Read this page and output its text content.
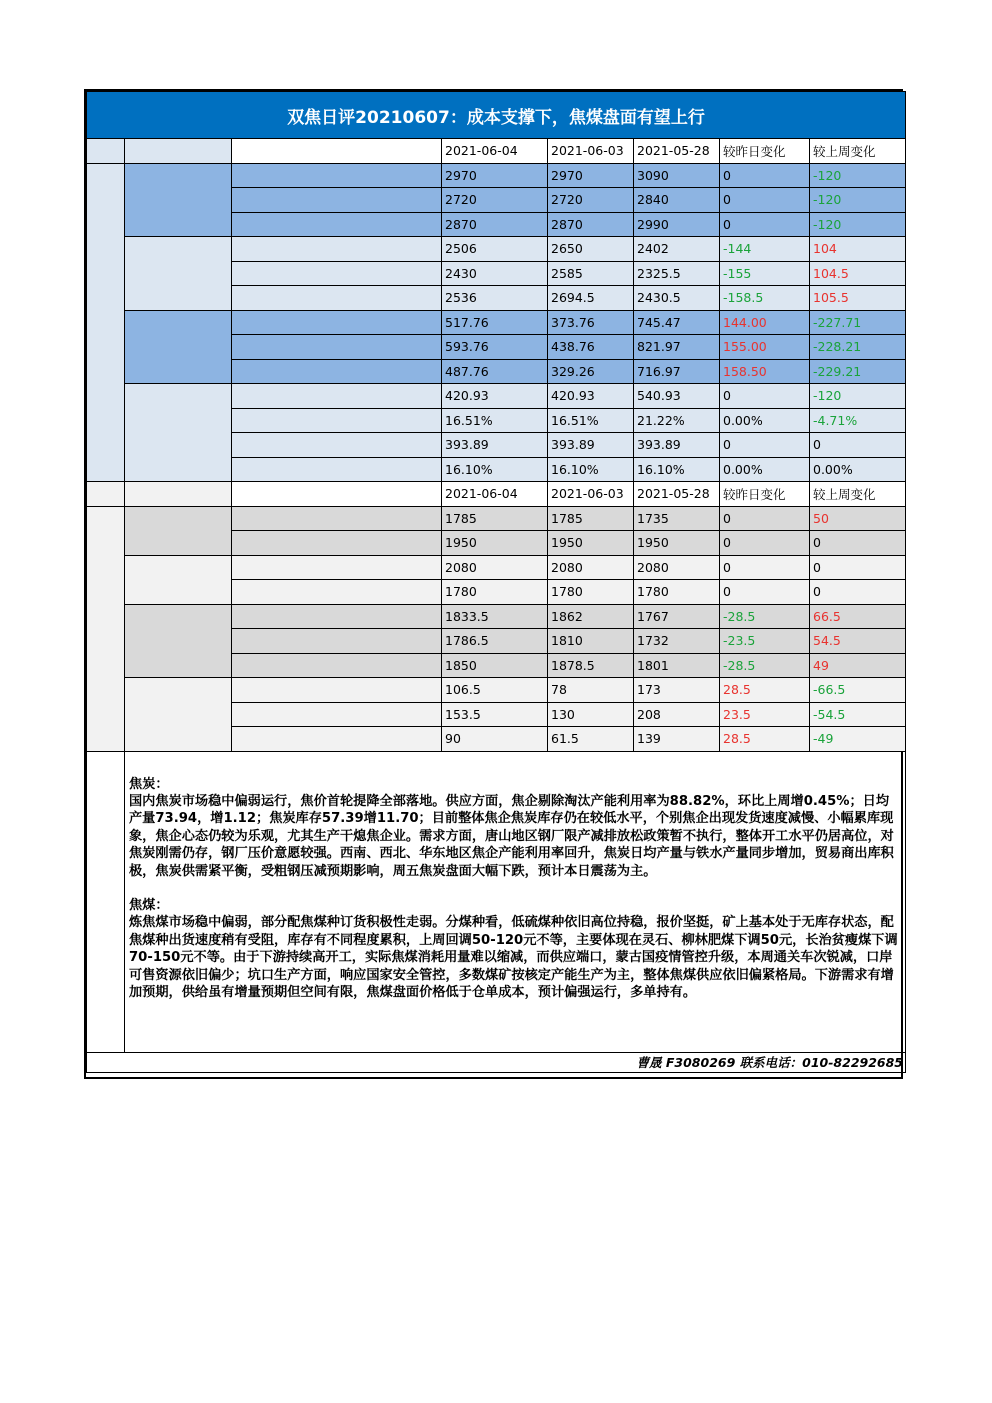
双焦日评20210607：成本支撑下，焦煤盘面有望上行							
			2021-06-04	2021-06-03	2021-05-28	较昨日变化	较上周变化
			2970	2970	3090	0	-120
			2720	2720	2840	0	-120
			2870	2870	2990	0	-120
			2506	2650	2402	-144	104
			2430	2585	2325.5	-155	104.5
			2536	2694.5	2430.5	-158.5	105.5
			517.76	373.76	745.47	144.00	-227.71
			593.76	438.76	821.97	155.00	-228.21
			487.76	329.26	716.97	158.50	-229.21
			420.93	420.93	540.93	0	-120
			16.51%	16.51%	21.22%	0.00%	-4.71%
			393.89	393.89	393.89	0	0
			16.10%	16.10%	16.10%	0.00%	0.00%
			2021-06-04	2021-06-03	2021-05-28	较昨日变化	较上周变化
			1785	1785	1735	0	50
			1950	1950	1950	0	0
			2080	2080	2080	0	0
			1780	1780	1780	0	0
			1833.5	1862	1767	-28.5	66.5
			1786.5	1810	1732	-23.5	54.5
			1850	1878.5	1801	-28.5	49
			106.5	78	173	28.5	-66.5
			153.5	130	208	23.5	-54.5
			90	61.5	139	28.5	-49

	焦炭：

国内焦炭市场稳中偏弱运行，焦价首轮提降全部落地。供应方面，焦企剔除淘汰产能利用率为88.82%，环比上周增0.45%；日均产量73.94，增1.12；焦炭库存57.39增11.70；目前整体焦企焦炭库存仍在较低水平，个别焦企出现发货速度减慢、小幅累库现象，焦企心态仍较为乐观，尤其生产干熄焦企业。需求方面，唐山地区钢厂限产减排放松政策暂不执行，整体开工水平仍居高位，对焦炭刚需仍存，钢厂压价意愿较强。西南、西北、华东地区焦企产能利用率回升，焦炭日均产量与铁水产量同步增加，贸易商出库积极，焦炭供需紧平衡，受粗钢压减预期影响，周五焦炭盘面大幅下跌，预计本日震荡为主。

焦煤：

炼焦煤市场稳中偏弱，部分配焦煤种订货积极性走弱。分煤种看，低硫煤种依旧高位持稳，报价坚挺，矿上基本处于无库存状态，配焦煤种出货速度稍有受阻，库存有不同程度累积，上周回调50-120元不等，主要体现在灵石、柳林肥煤下调50元，长治贫瘦煤下调70-150元不等。由于下游持续高开工，实际焦煤消耗用量难以缩减，而供应端口，蒙古国疫情管控升级，本周通关车次锐减，口岸可售资源依旧偏少；坑口生产方面，响应国家安全管控，多数煤矿按核定产能生产为主，整体焦煤供应依旧偏紧格局。下游需求有增加预期，供给虽有增量预期但空间有限，焦煤盘面价格低于仓单成本，预计偏强运行，多单持有。						

曹晟 F3080269 联系电话：010-82292685							
